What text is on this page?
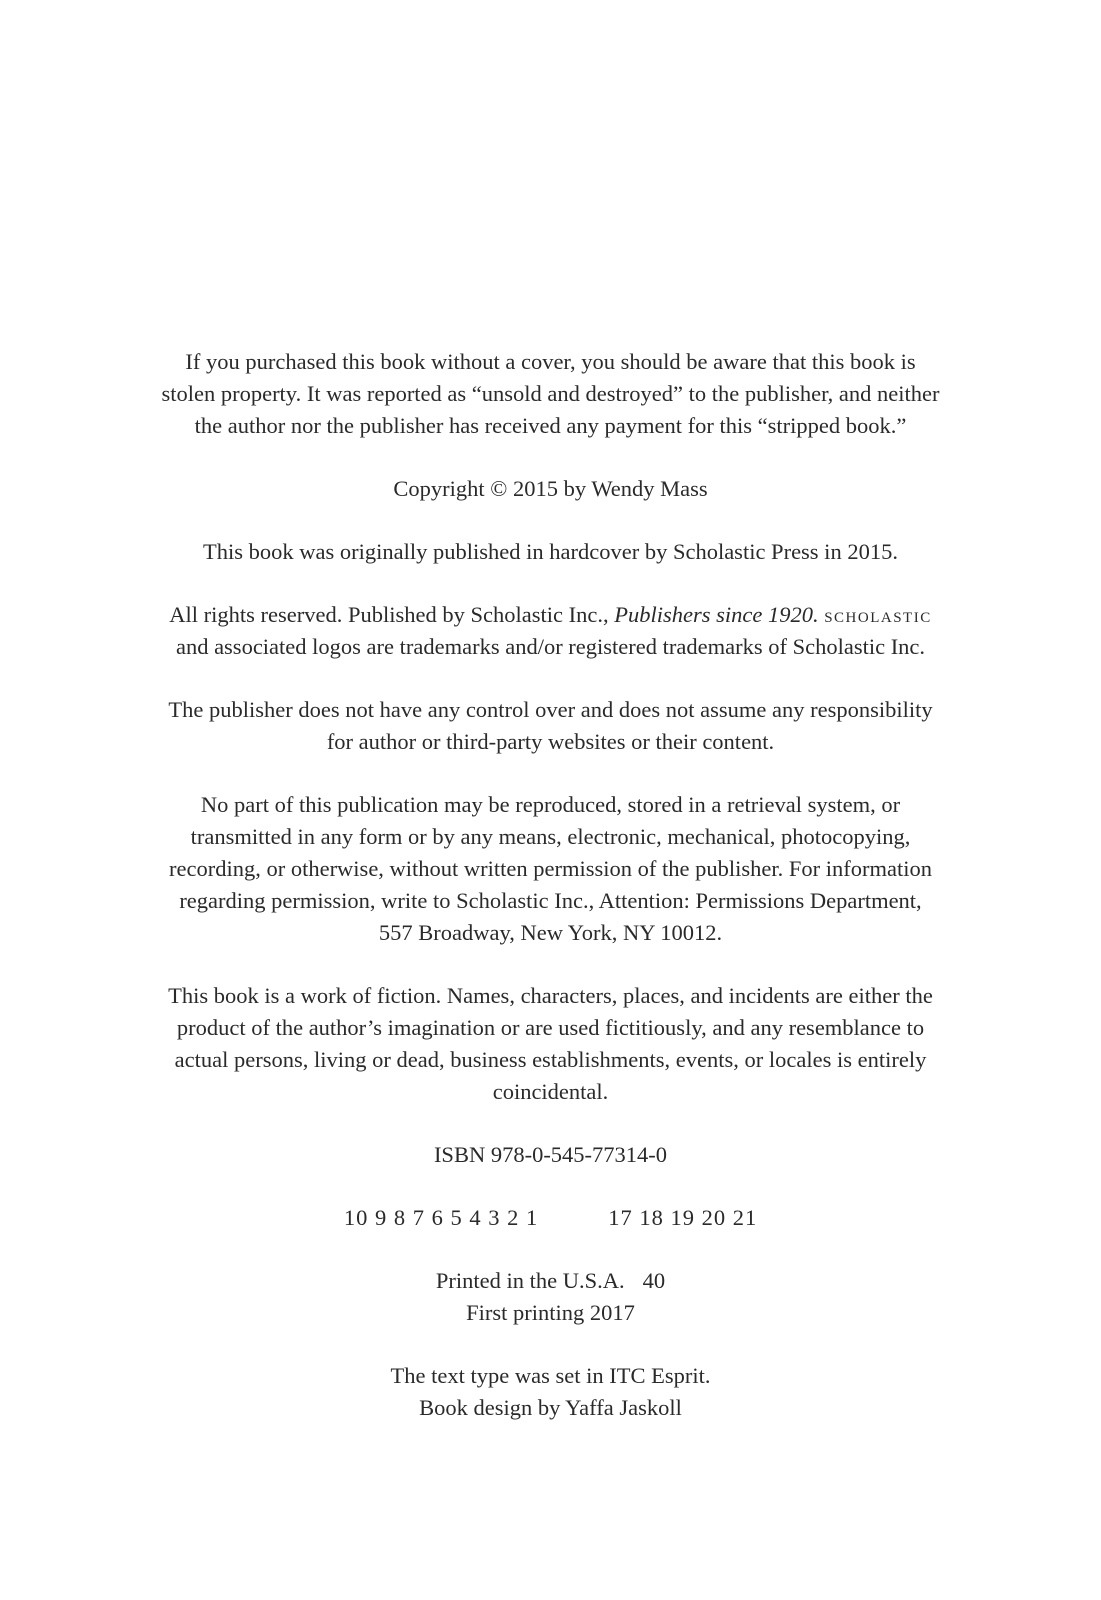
If you purchased this book without a cover, you should be aware that this book is
stolen property. It was reported as “unsold and destroyed” to the publisher, and neither
the author nor the publisher has received any payment for this “stripped book.”

Copyright © 2015 by Wendy Mass

This book was originally published in hardcover by Scholastic Press in 2015.

All rights reserved. Published by Scholastic Inc., Publishers since 1920. scholastic
and associated logos are trademarks and/or registered trademarks of Scholastic Inc.

The publisher does not have any control over and does not assume any responsibility
for author or third-party websites or their content.

No part of this publication may be reproduced, stored in a retrieval system, or
transmitted in any form or by any means, electronic, mechanical, photocopying,
recording, or otherwise, without written permission of the publisher. For information
regarding permission, write to Scholastic Inc., Attention: Permissions Department,
557 Broadway, New York, NY 10012.

This book is a work of fiction. Names, characters, places, and incidents are either the
product of the author’s imagination or are used fictitiously, and any resemblance to
actual persons, living or dead, business establishments, events, or locales is entirely
coincidental.

ISBN 978-0-545-77314-0

10 9 8 7 6 5 4 3 2 1	17 18 19 20 21

Printed in the U.S.A. 40
First printing 2017

The text type was set in ITC Esprit.
Book design by Yaffa Jaskoll
